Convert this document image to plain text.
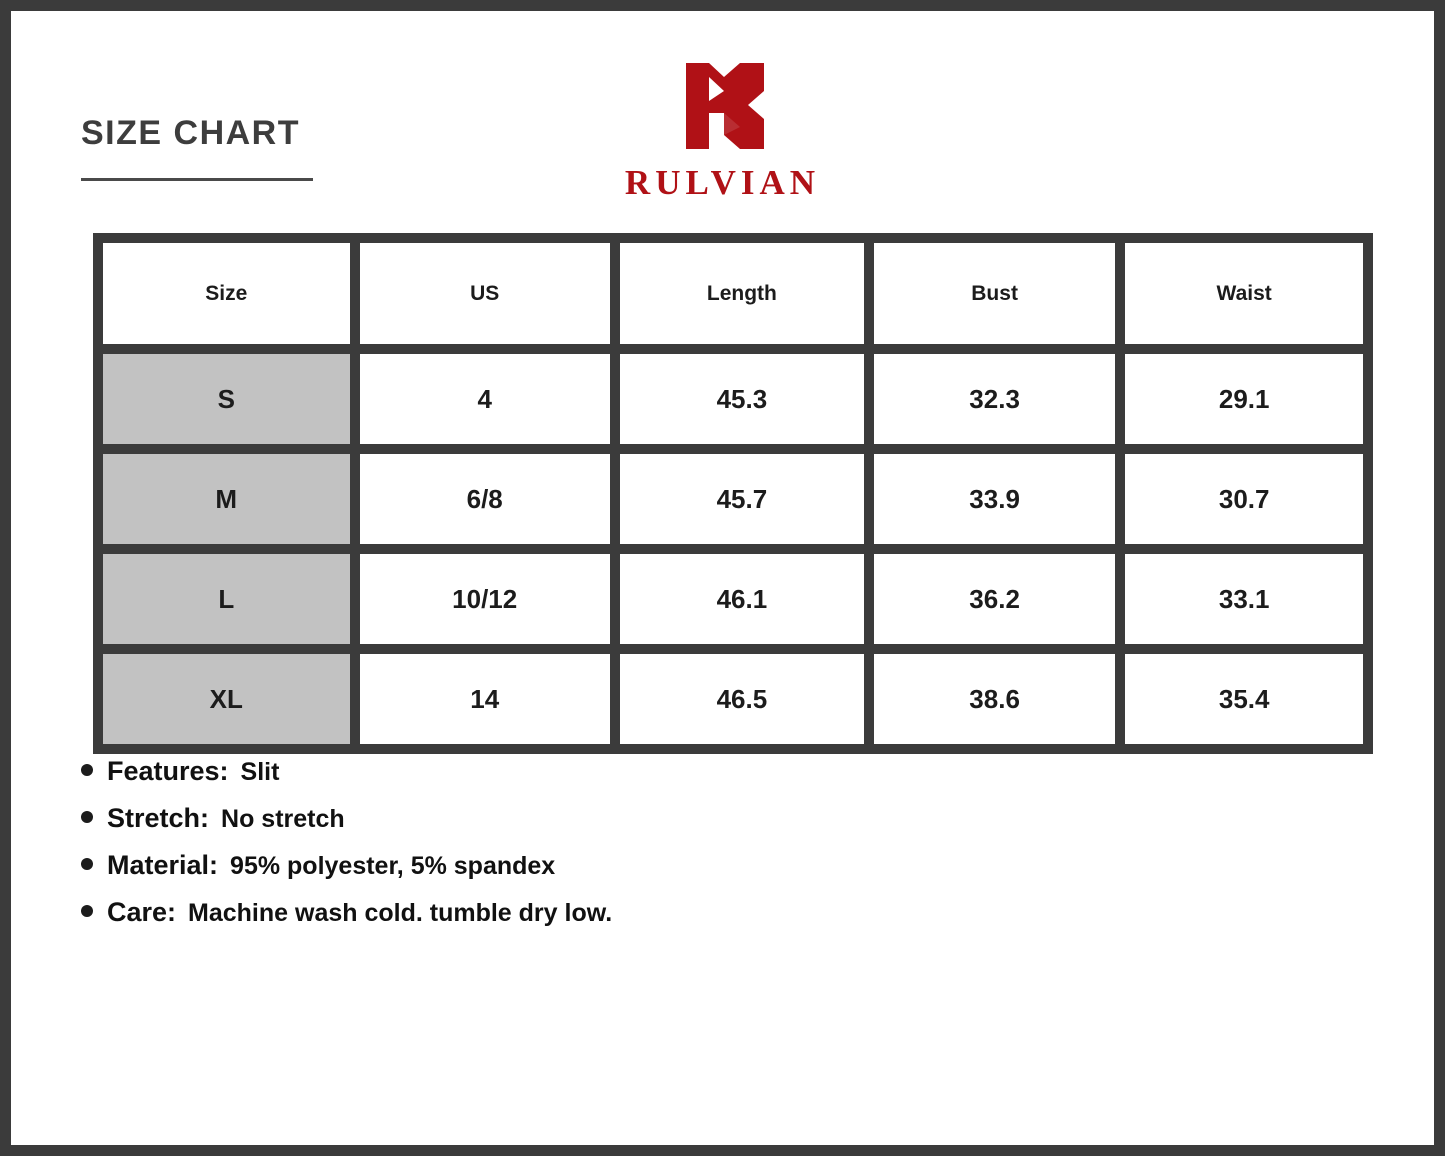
SIZE CHART
RULVIAN
Size	US	Length	Bust	Waist
S	4	45.3	32.3	29.1
M	6/8	45.7	33.9	30.7
L	10/12	46.1	36.2	33.1
XL	14	46.5	38.6	35.4
Features: Slit
Stretch: No stretch
Material: 95% polyester, 5% spandex
Care: Machine wash cold. tumble dry low.
